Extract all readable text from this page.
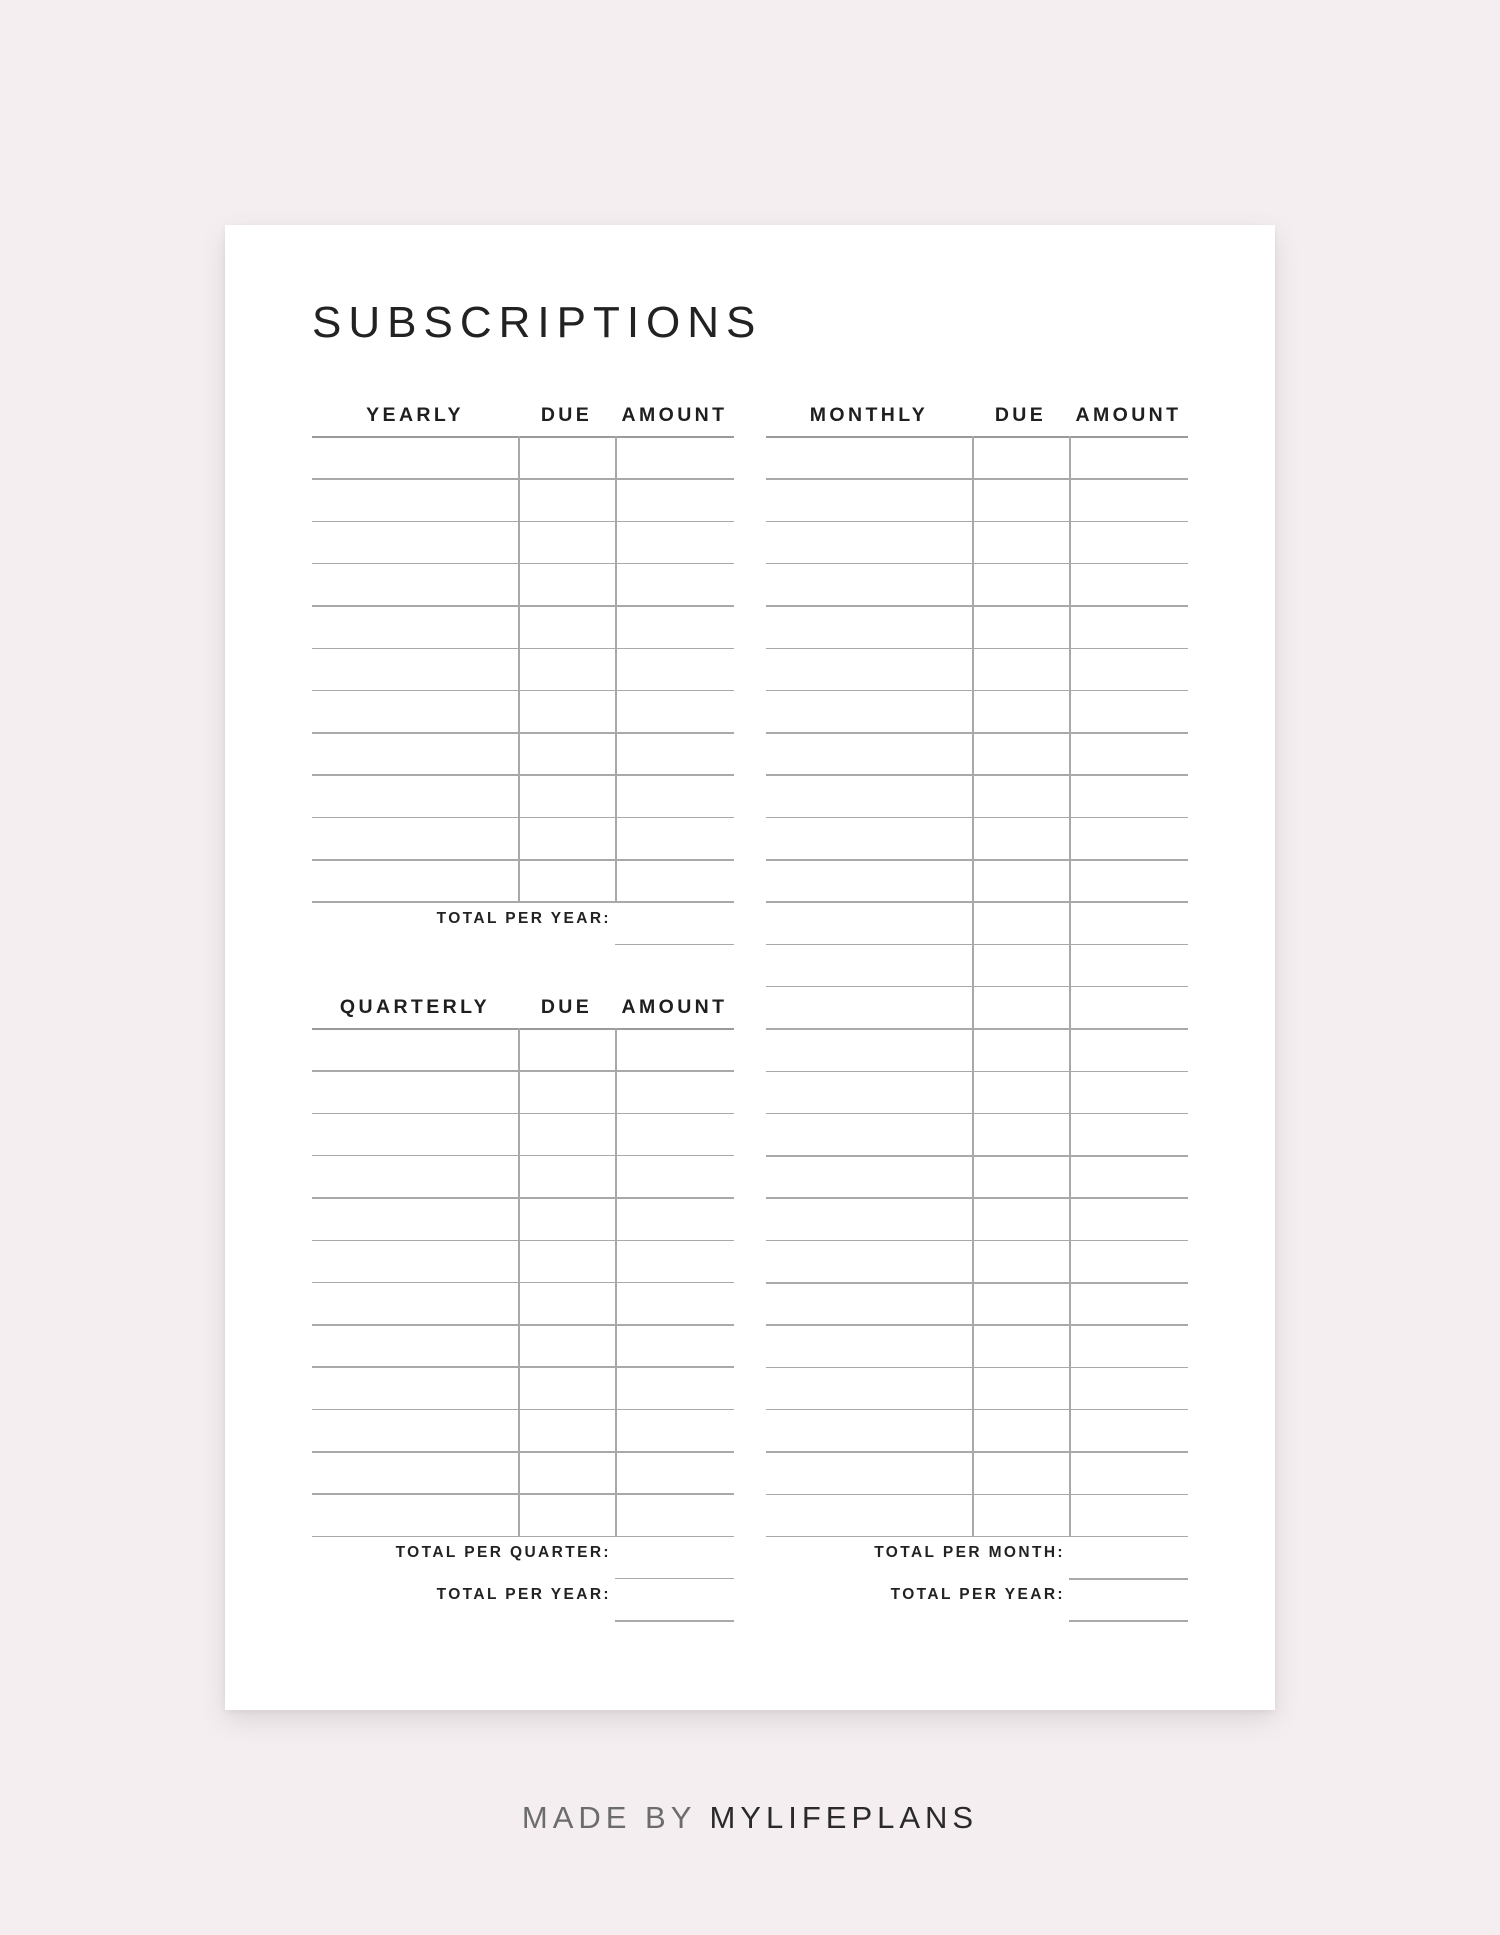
SUBSCRIPTIONS
YEARLY	DUE	AMOUNT
TOTAL PER YEAR:
QUARTERLY	DUE	AMOUNT
TOTAL PER QUARTER:
TOTAL PER YEAR:
MONTHLY	DUE	AMOUNT
TOTAL PER MONTH:
TOTAL PER YEAR:
MADE BY MYLIFEPLANS
